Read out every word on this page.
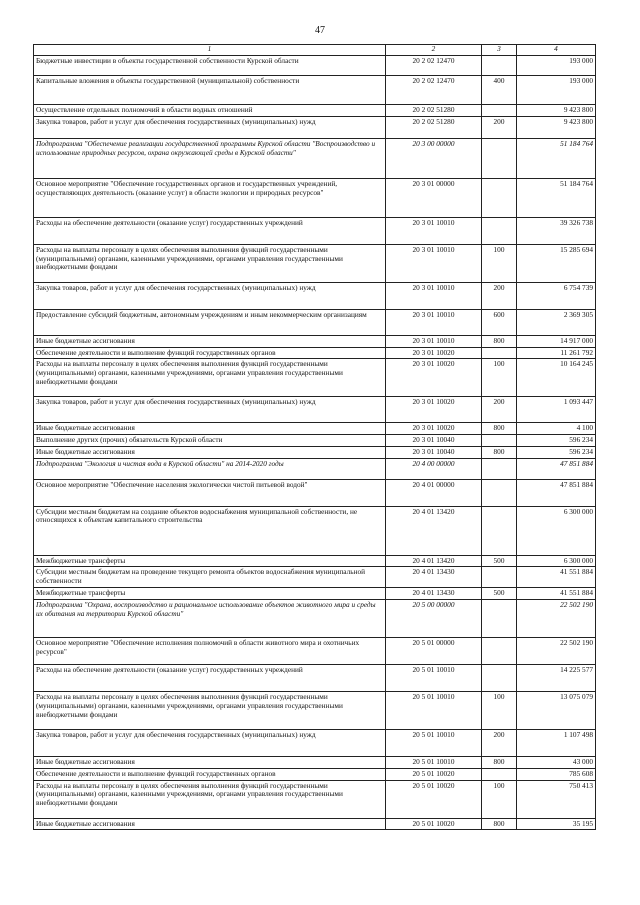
47
1	2	3	4
Бюджетные инвестиции в объекты государственной собственности Курской области	20 2 02 12470		193 000
Капитальные вложения в объекты государственной (муниципальной) собственности	20 2 02 12470	400	193 000
Осуществление отдельных полномочий в области водных отношений	20 2 02 51280		9 423 800
Закупка товаров, работ и услуг для обеспечения государственных (муниципальных) нужд	20 2 02 51280	200	9 423 800
Подпрограмма "Обеспечение реализации государственной программы Курской области "Воспроизводство и использование природных ресурсов, охрана окружающей среды в Курской области"	20 3 00 00000		51 184 764
Основное мероприятие "Обеспечение государственных органов и государственных учреждений, осуществляющих деятельность (оказание услуг) в области экологии и природных ресурсов"	20 3 01 00000		51 184 764
Расходы на обеспечение деятельности (оказание услуг) государственных учреждений	20 3 01 10010		39 326 738
Расходы на выплаты персоналу в целях обеспечения выполнения функций государственными (муниципальными) органами, казенными учреждениями, органами управления государственными внебюджетными фондами	20 3 01 10010	100	15 285 694
Закупка товаров, работ и услуг для обеспечения государственных (муниципальных) нужд	20 3 01 10010	200	6 754 739
Предоставление субсидий бюджетным, автономным учреждениям и иным некоммерческим организациям	20 3 01 10010	600	2 369 305
Иные бюджетные ассигнования	20 3 01 10010	800	14 917 000
Обеспечение деятельности и выполнение функций государственных органов	20 3 01 10020		11 261 792
Расходы на выплаты персоналу в целях обеспечения выполнения функций государственными (муниципальными) органами, казенными учреждениями, органами управления государственными внебюджетными фондами	20 3 01 10020	100	10 164 245
Закупка товаров, работ и услуг для обеспечения государственных (муниципальных) нужд	20 3 01 10020	200	1 093 447
Иные бюджетные ассигнования	20 3 01 10020	800	4 100
Выполнение других (прочих) обязательств Курской области	20 3 01 10040		596 234
Иные бюджетные ассигнования	20 3 01 10040	800	596 234
Подпрограмма "Экология и чистая вода в Курской области" на 2014-2020 годы	20 4 00 00000		47 851 884
Основное мероприятие "Обеспечение населения экологически чистой питьевой водой"	20 4 01 00000		47 851 884
Субсидии местным бюджетам на создание объектов водоснабжения муниципальной собственности, не относящихся к объектам капитального строительства	20 4 01 13420		6 300 000
Межбюджетные трансферты	20 4 01 13420	500	6 300 000
Субсидии местным бюджетам на проведение текущего ремонта объектов водоснабжения муниципальной собственности	20 4 01 13430		41 551 884
Межбюджетные трансферты	20 4 01 13430	500	41 551 884
Подпрограмма "Охрана, воспроизводство и рациональное использование объектов животного мира и среды их обитания на территории Курской области"	20 5 00 00000		22 502 190
Основное мероприятие "Обеспечение исполнения полномочий в области животного мира и охотничьих ресурсов"	20 5 01 00000		22 502 190
Расходы на обеспечение деятельности (оказание услуг) государственных учреждений	20 5 01 10010		14 225 577
Расходы на выплаты персоналу в целях обеспечения выполнения функций государственными (муниципальными) органами, казенными учреждениями, органами управления государственными внебюджетными фондами	20 5 01 10010	100	13 075 079
Закупка товаров, работ и услуг для обеспечения государственных (муниципальных) нужд	20 5 01 10010	200	1 107 498
Иные бюджетные ассигнования	20 5 01 10010	800	43 000
Обеспечение деятельности и выполнение функций государственных органов	20 5 01 10020		785 608
Расходы на выплаты персоналу в целях обеспечения выполнения функций государственными (муниципальными) органами, казенными учреждениями, органами управления государственными внебюджетными фондами	20 5 01 10020	100	750 413
Иные бюджетные ассигнования	20 5 01 10020	800	35 195
